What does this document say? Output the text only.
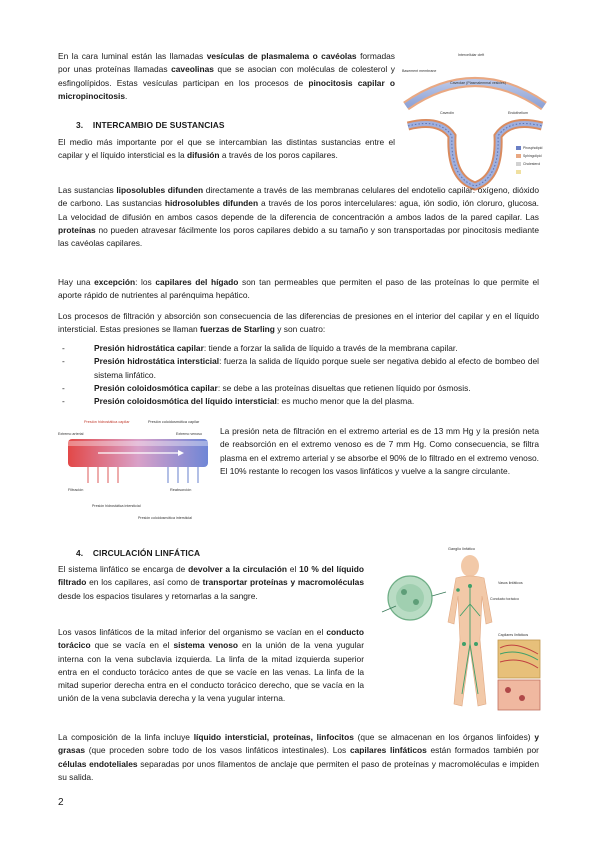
En la cara luminal están las llamadas vesículas de plasmalema o cavéolas formadas por unas proteínas llamadas caveolinas que se asocian con moléculas de colesterol y esfingolípidos. Estas vesículas participan en los procesos de pinocitosis capilar o micropinocitosis.

Intercellular cleft
Basement membrane
Caveolae (Plasmalemmal vesicles)
Caveolin	Endothelium
Phospholipid
Sphingolipid
Cholesterol
3. INTERCAMBIO DE SUSTANCIAS

El medio más importante por el que se intercambian las distintas sustancias entre el capilar y el líquido intersticial es la difusión a través de los poros capilares.

Las sustancias liposolubles difunden directamente a través de las membranas celulares del endotelio capilar: oxígeno, dióxido de carbono. Las sustancias hidrosolubles difunden a través de los poros intercelulares: agua, ión sodio, ión cloruro, glucosa. La velocidad de difusión en ambos casos depende de la diferencia de concentración a ambos lados de la pared capilar. Las proteínas no pueden atravesar fácilmente los poros capilares debido a su tamaño y son transportadas por pinocitosis mediante las cavéolas capilares.

Hay una excepción: los capilares del hígado son tan permeables que permiten el paso de las proteínas lo que permite el aporte rápido de nutrientes al parénquima hepático.

Los procesos de filtración y absorción son consecuencia de las diferencias de presiones en el interior del capilar y en el líquido intersticial. Estas presiones se llaman fuerzas de Starling y son cuatro:

- Presión hidrostática capilar: tiende a forzar la salida de líquido a través de la membrana capilar.
- Presión hidrostática intersticial: fuerza la salida de líquido porque suele ser negativa debido al efecto de bombeo del sistema linfático.
- Presión coloidosmótica capilar: se debe a las proteínas disueltas que retienen líquido por ósmosis.
- Presión coloidosmótica del líquido intersticial: es mucho menor que la del plasma.
Presión hidrostática capilar	Presión coloidosmótica capilar
Extremo arterial	Extremo venoso
Filtración	Reabsorción
Presión hidrostática intersticial
Presión coloidosmótica intersticial

La presión neta de filtración en el extremo arterial es de 13 mm Hg y la presión neta de reabsorción en el extremo venoso es de 7 mm Hg. Como consecuencia, se filtra plasma en el extremo arterial y se absorbe el 90% de lo filtrado en el extremo venoso. El 10% restante lo recogen los vasos linfáticos y vuelve a la sangre circulante.

4. CIRCULACIÓN LINFÁTICA

El sistema linfático se encarga de devolver a la circulación el 10 % del líquido filtrado en los capilares, así como de transportar proteínas y macromoléculas desde los espacios tisulares y retornarlas a la sangre.

Los vasos linfáticos de la mitad inferior del organismo se vacían en el conducto torácico que se vacía en el sistema venoso en la unión de la vena yugular interna con la vena subclavia izquierda. La linfa de la mitad izquierda superior entra en el conducto torácico antes de que se vacíe en las venas. La linfa de la mitad superior derecha entra en el conducto torácico derecho, que se vacía en la unión de la vena subclavia derecha y la vena yugular interna.

Ganglio linfático
Vasos linfáticos
Conducto torácico
Capilares linfáticos

La composición de la linfa incluye líquido intersticial, proteínas, linfocitos (que se almacenan en los órganos linfoides) y grasas (que proceden sobre todo de los vasos linfáticos intestinales). Los capilares linfáticos están formados también por células endoteliales separadas por unos filamentos de anclaje que permiten el paso de proteínas y macromoléculas e impiden su salida.

2
